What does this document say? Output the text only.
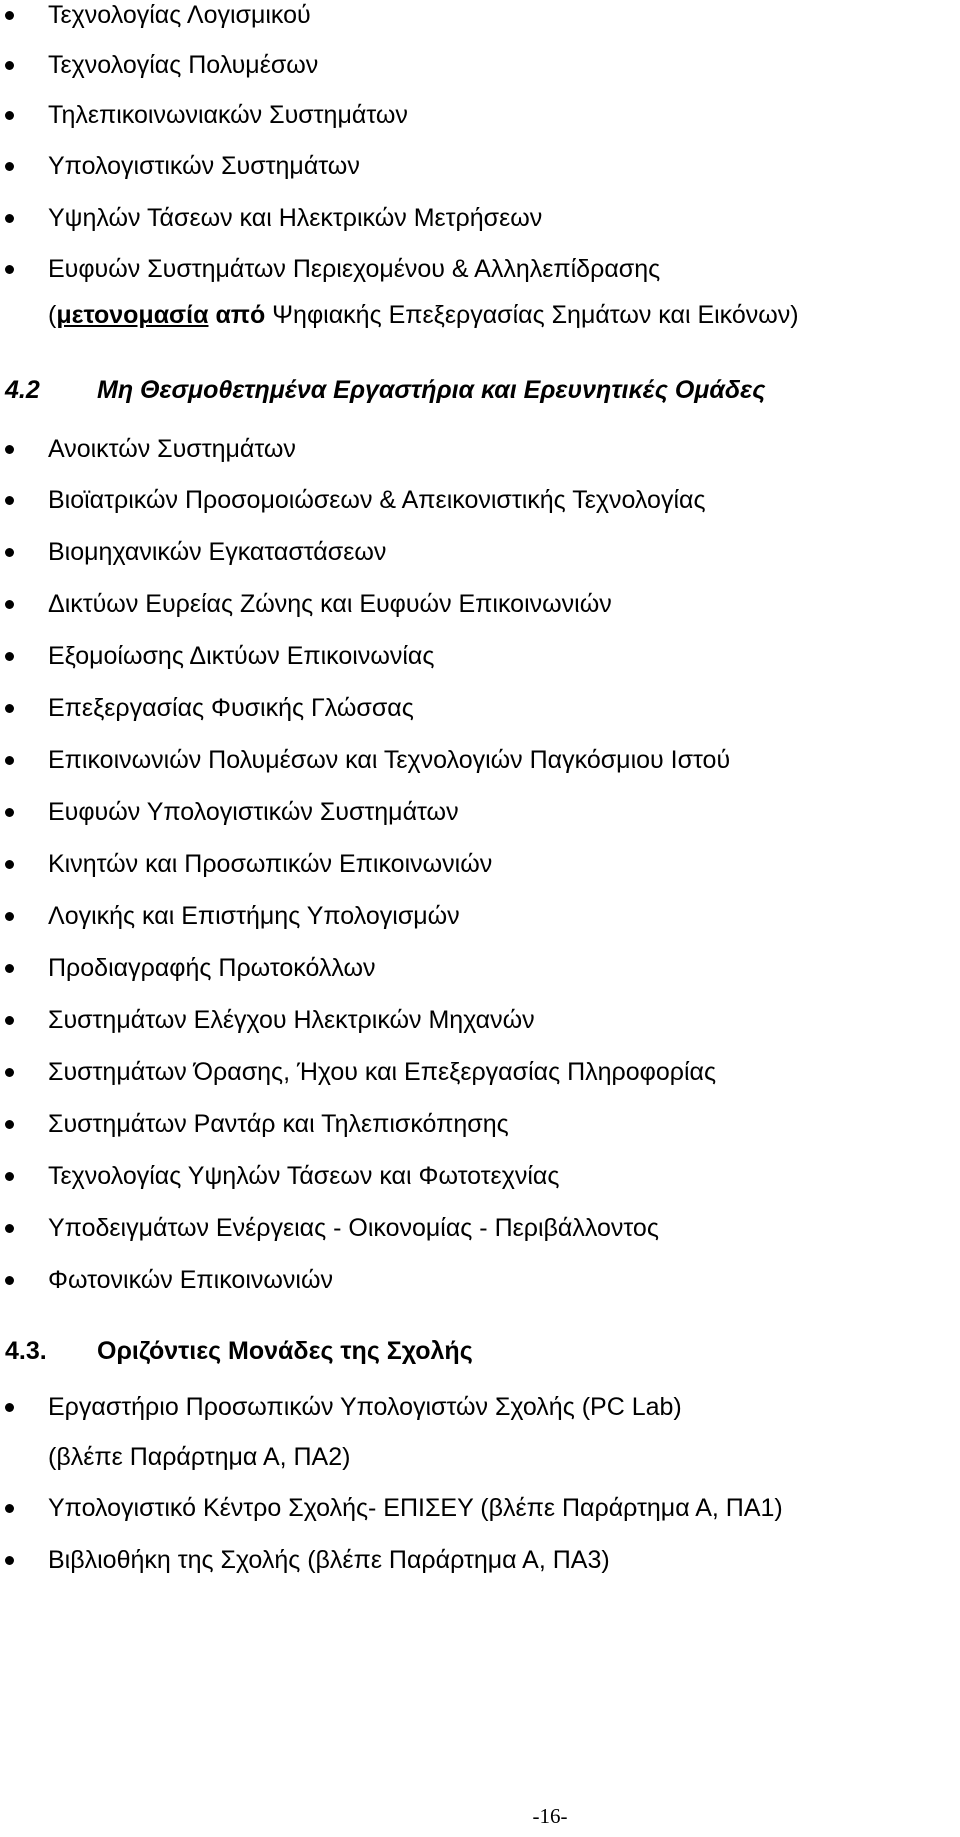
Τεχνολογίας Λογισμικού
Τεχνολογίας Πολυμέσων
Τηλεπικοινωνιακών Συστημάτων
Υπολογιστικών Συστημάτων
Υψηλών Τάσεων και Ηλεκτρικών Μετρήσεων
Ευφυών Συστημάτων Περιεχομένου & Αλληλεπίδρασης
(μετονομασία από Ψηφιακής Επεξεργασίας Σημάτων και Εικόνων)
4.2 Μη Θεσμοθετημένα Εργαστήρια και Ερευνητικές Ομάδες
Ανοικτών Συστημάτων
Βιοϊατρικών Προσομοιώσεων & Απεικονιστικής Τεχνολογίας
Βιομηχανικών Εγκαταστάσεων
Δικτύων Ευρείας Ζώνης και Ευφυών Επικοινωνιών
Εξομοίωσης Δικτύων Επικοινωνίας
Επεξεργασίας Φυσικής Γλώσσας
Επικοινωνιών Πολυμέσων και Τεχνολογιών Παγκόσμιου Ιστού
Ευφυών Υπολογιστικών Συστημάτων
Κινητών και Προσωπικών Επικοινωνιών
Λογικής και Επιστήμης Υπολογισμών
Προδιαγραφής Πρωτοκόλλων
Συστημάτων Ελέγχου Ηλεκτρικών Μηχανών
Συστημάτων Όρασης, Ήχου και Επεξεργασίας Πληροφορίας
Συστημάτων Ραντάρ και Τηλεπισκόπησης
Τεχνολογίας Υψηλών Τάσεων και Φωτοτεχνίας
Υποδειγμάτων Ενέργειας - Οικονομίας - Περιβάλλοντος
Φωτονικών Επικοινωνιών
4.3. Οριζόντιες Μονάδες της Σχολής
Εργαστήριο Προσωπικών Υπολογιστών Σχολής (PC Lab)
(βλέπε Παράρτημα Α, ΠΑ2)
Υπολογιστικό Κέντρο Σχολής- ΕΠΙΣΕΥ (βλέπε Παράρτημα Α, ΠΑ1)
Βιβλιοθήκη της Σχολής (βλέπε Παράρτημα Α, ΠΑ3)
-16-
